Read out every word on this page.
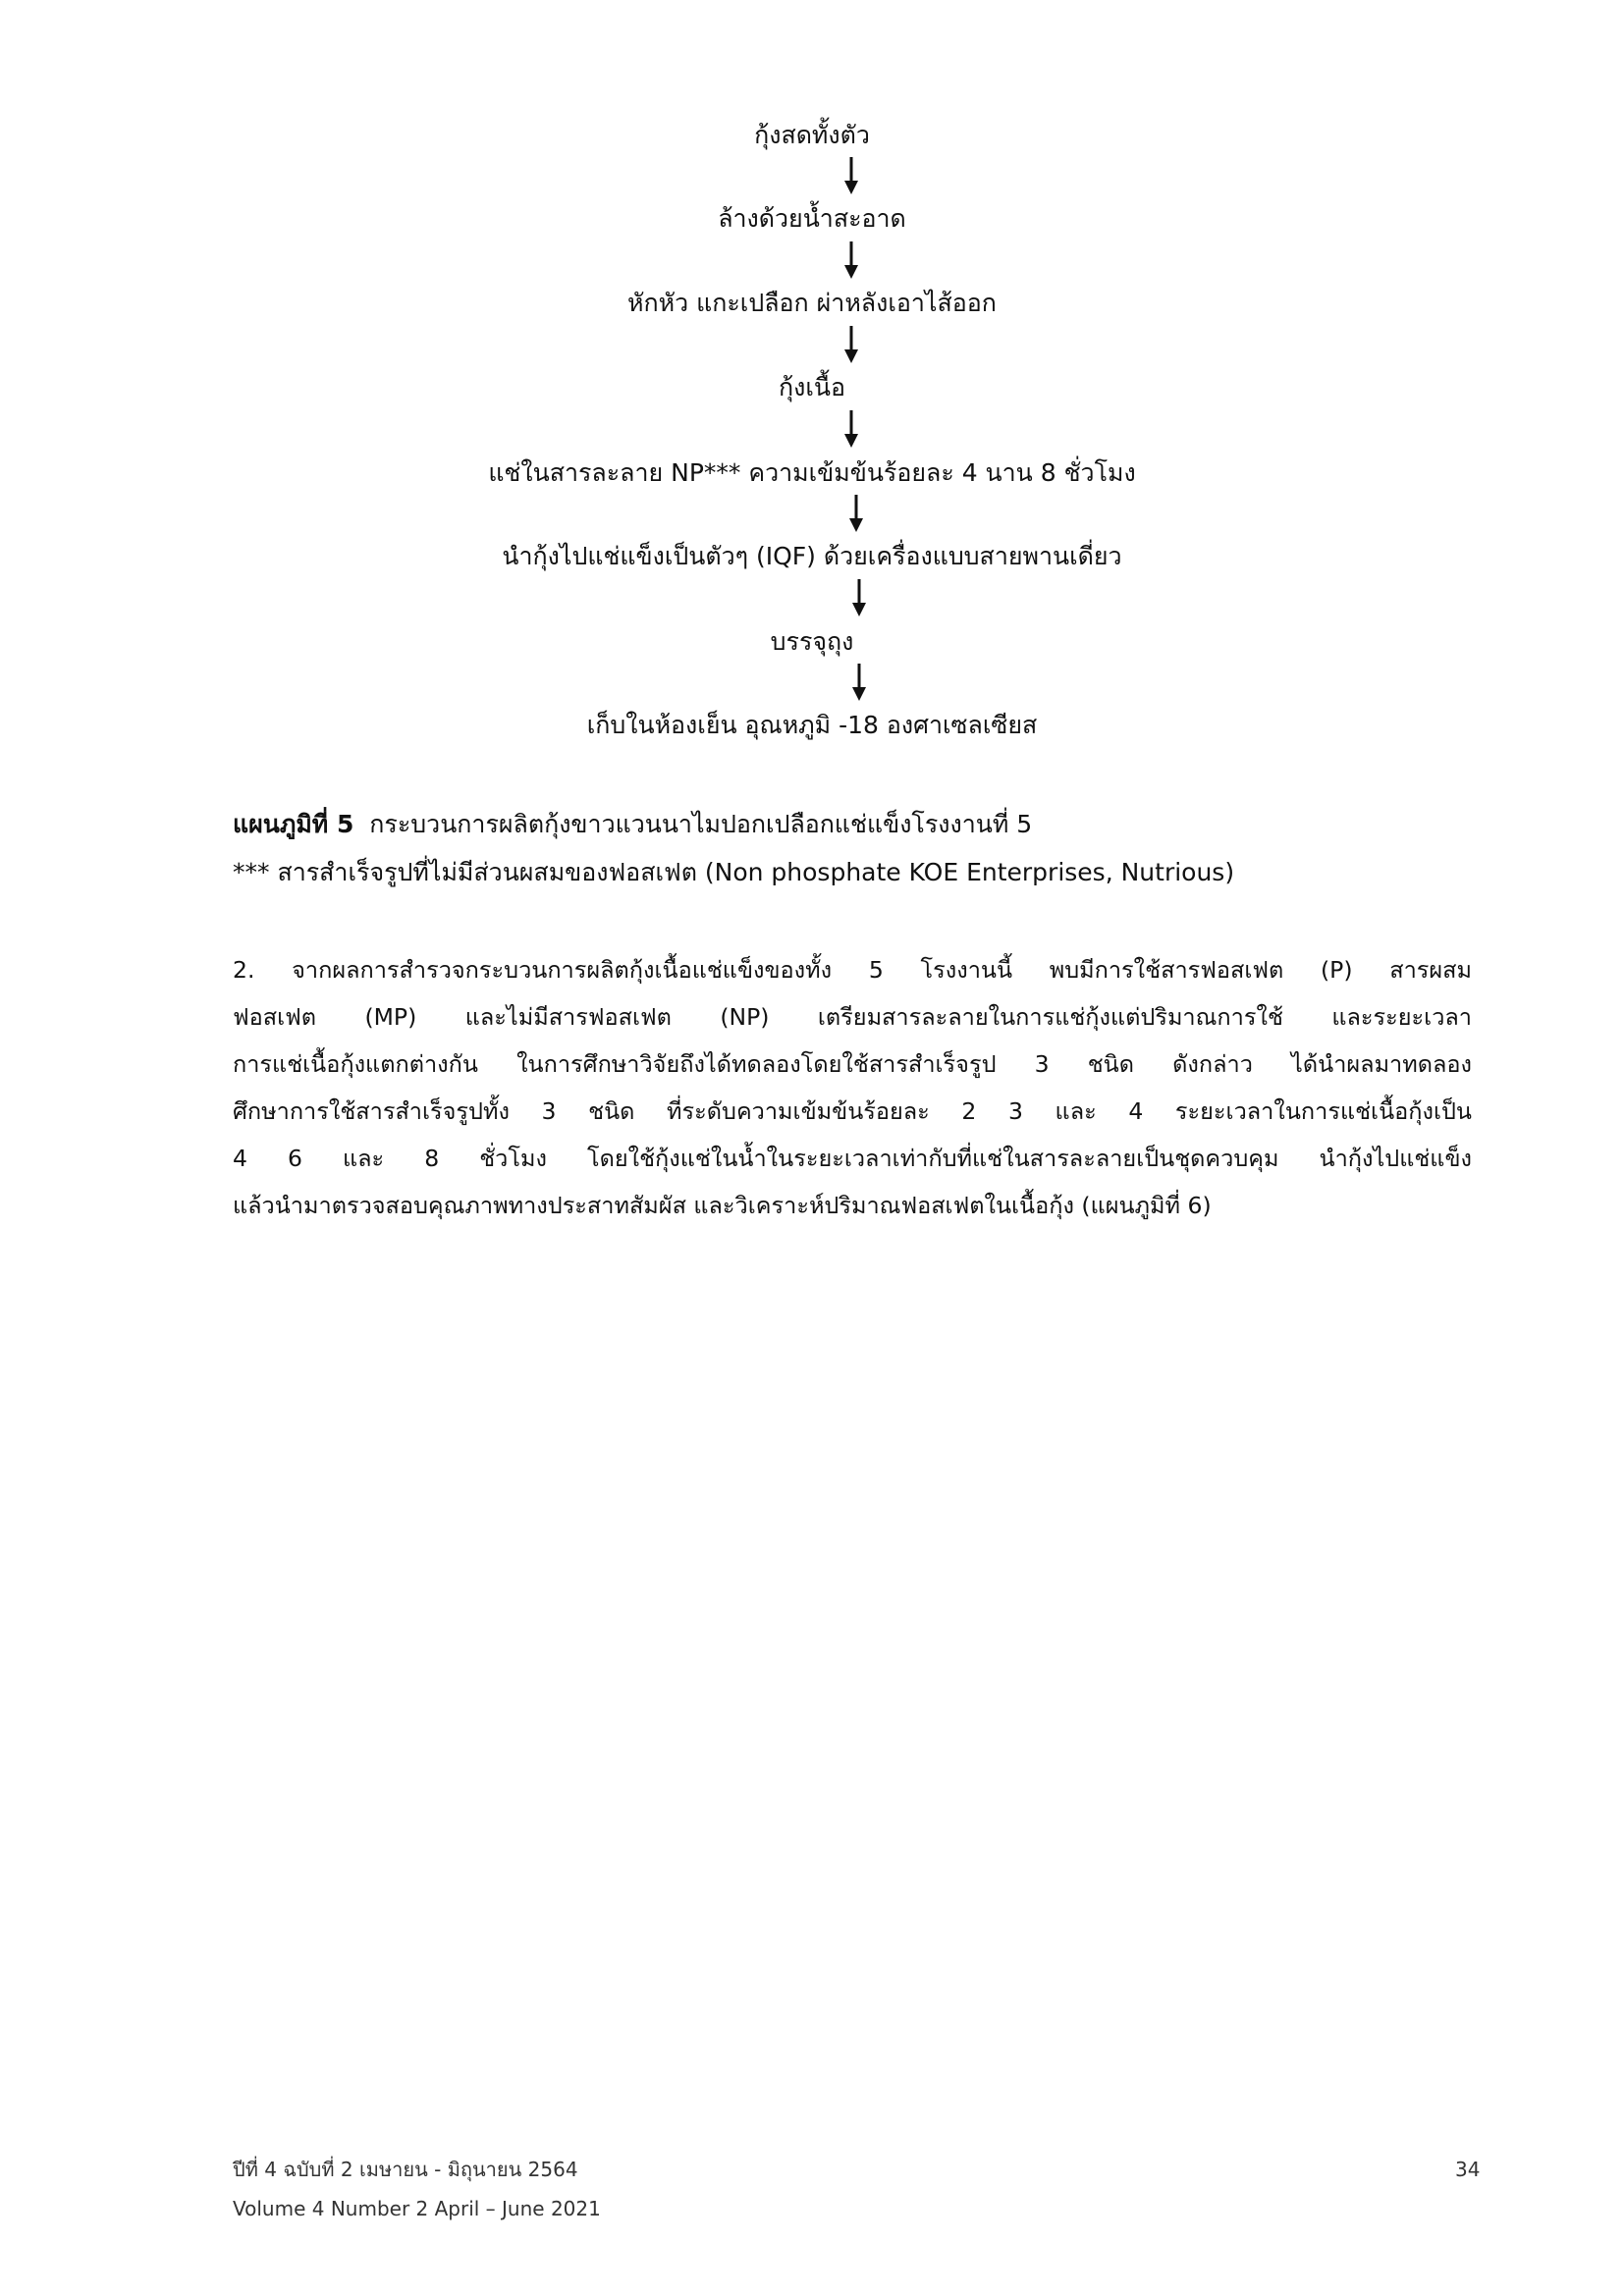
กุ้งสดทั้งตัว
ล้างด้วยน้ำสะอาด
หักหัว แกะเปลือก ผ่าหลังเอาไส้ออก
กุ้งเนื้อ
แช่ในสารละลาย NP*** ความเข้มข้นร้อยละ 4 นาน 8 ชั่วโมง
นำกุ้งไปแช่แข็งเป็นตัวๆ (IQF) ด้วยเครื่องแบบสายพานเดี่ยว
บรรจุถุง
เก็บในห้องเย็น อุณหภูมิ -18 องศาเซลเซียส
แผนภูมิที่ 5 กระบวนการผลิตกุ้งขาวแวนนาไมปอกเปลือกแช่แข็งโรงงานที่ 5
*** สารสำเร็จรูปที่ไม่มีส่วนผสมของฟอสเฟต (Non phosphate KOE Enterprises, Nutrious)
2. จากผลการสำรวจกระบวนการผลิตกุ้งเนื้อแช่แข็งของทั้ง 5 โรงงานนี้ พบมีการใช้สารฟอสเฟต (P) สารผสม
ฟอสเฟต (MP) และไม่มีสารฟอสเฟต (NP) เตรียมสารละลายในการแช่กุ้งแต่ปริมาณการใช้ และระยะเวลา
การแช่เนื้อกุ้งแตกต่างกัน ในการศึกษาวิจัยถึงได้ทดลองโดยใช้สารสำเร็จรูป 3 ชนิด ดังกล่าว ได้นำผลมาทดลอง
ศึกษาการใช้สารสำเร็จรูปทั้ง 3 ชนิด ที่ระดับความเข้มข้นร้อยละ 2 3 และ 4 ระยะเวลาในการแช่เนื้อกุ้งเป็น
4 6 และ 8 ชั่วโมง โดยใช้กุ้งแช่ในน้ำในระยะเวลาเท่ากับที่แช่ในสารละลายเป็นชุดควบคุม นำกุ้งไปแช่แข็ง
แล้วนำมาตรวจสอบคุณภาพทางประสาทสัมผัส และวิเคราะห์ปริมาณฟอสเฟตในเนื้อกุ้ง (แผนภูมิที่ 6)
ปีที่ 4 ฉบับที่ 2 เมษายน - มิถุนายน 2564
Volume 4 Number 2 April – June 2021
34
